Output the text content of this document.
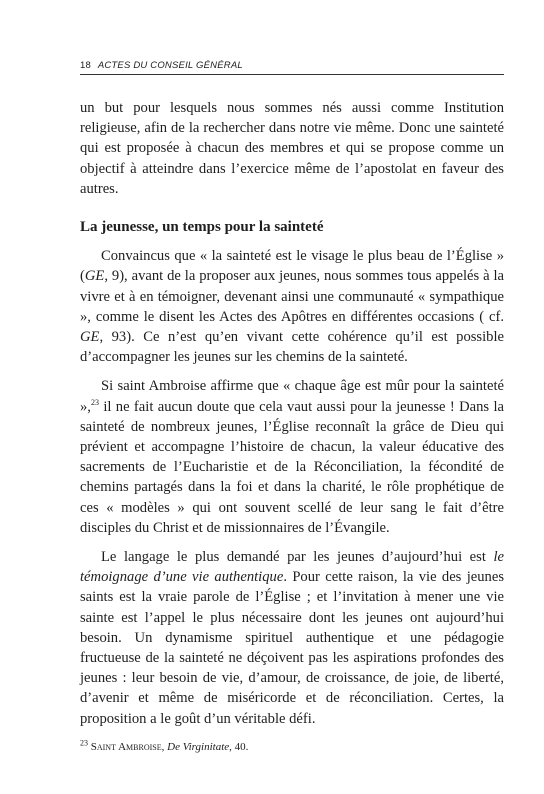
18 ACTES DU CONSEIL GÉNÉRAL

un but pour lesquels nous sommes nés aussi comme Institution religieuse, afin de la rechercher dans notre vie même. Donc une sainteté qui est proposée à chacun des membres et qui se propose comme un objectif à atteindre dans l’exercice même de l’apostolat en faveur des autres.

La jeunesse, un temps pour la sainteté

Convaincus que « la sainteté est le visage le plus beau de l’Église » (GE, 9), avant de la proposer aux jeunes, nous sommes tous appelés à la vivre et à en témoigner, devenant ainsi une communauté « sympathique », comme le disent les Actes des Apôtres en différentes occasions ( cf. GE, 93). Ce n’est qu’en vivant cette cohérence qu’il est possible d’accompagner les jeunes sur les chemins de la sainteté.

Si saint Ambroise affirme que « chaque âge est mûr pour la sainteté »,$^{23}$ il ne fait aucun doute que cela vaut aussi pour la jeunesse ! Dans la sainteté de nombreux jeunes, l’Église reconnaît la grâce de Dieu qui prévient et accompagne l’histoire de chacun, la valeur éducative des sacrements de l’Eucharistie et de la Réconciliation, la fécondité de chemins partagés dans la foi et dans la charité, le rôle prophétique de ces « modèles » qui ont souvent scellé de leur sang le fait d’être disciples du Christ et de missionnaires de l’Évangile.

Le langage le plus demandé par les jeunes d’aujourd’hui est le témoignage d’une vie authentique. Pour cette raison, la vie des jeunes saints est la vraie parole de l’Église ; et l’invitation à mener une vie sainte est l’appel le plus nécessaire dont les jeunes ont aujourd’hui besoin. Un dynamisme spirituel authentique et une pédagogie fructueuse de la sainteté ne déçoivent pas les aspirations profondes des jeunes : leur besoin de vie, d’amour, de croissance, de joie, de liberté, d’avenir et même de miséricorde et de réconciliation. Certes, la proposition a le goût d’un véritable défi.

$^{23}$ Saint Ambroise, De Virginitate, 40.
